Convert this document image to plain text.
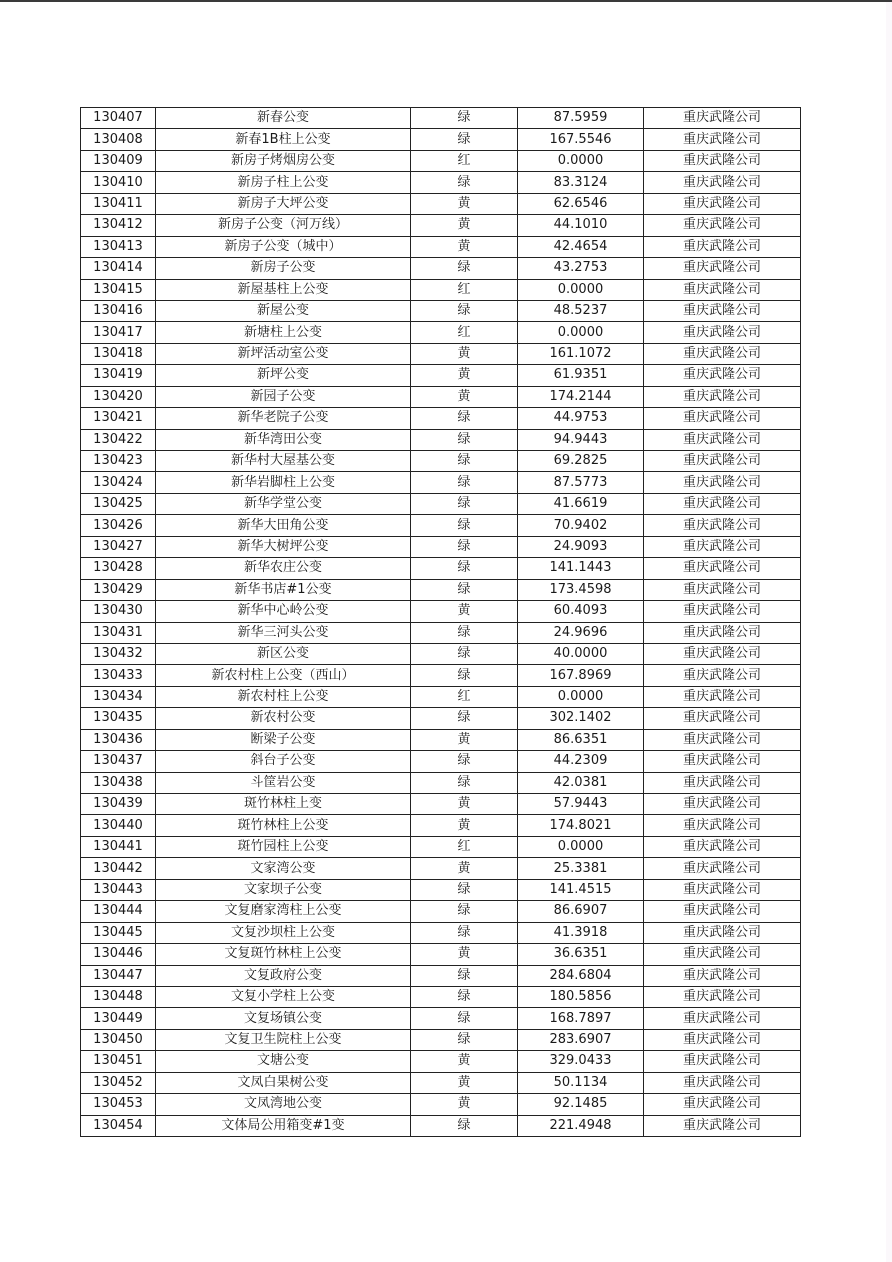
130407	新春公变	绿	87.5959	重庆武隆公司
130408	新春1B柱上公变	绿	167.5546	重庆武隆公司
130409	新房子烤烟房公变	红	0.0000	重庆武隆公司
130410	新房子柱上公变	绿	83.3124	重庆武隆公司
130411	新房子大坪公变	黄	62.6546	重庆武隆公司
130412	新房子公变（河万线）	黄	44.1010	重庆武隆公司
130413	新房子公变（城中）	黄	42.4654	重庆武隆公司
130414	新房子公变	绿	43.2753	重庆武隆公司
130415	新屋基柱上公变	红	0.0000	重庆武隆公司
130416	新屋公变	绿	48.5237	重庆武隆公司
130417	新塘柱上公变	红	0.0000	重庆武隆公司
130418	新坪活动室公变	黄	161.1072	重庆武隆公司
130419	新坪公变	黄	61.9351	重庆武隆公司
130420	新园子公变	黄	174.2144	重庆武隆公司
130421	新华老院子公变	绿	44.9753	重庆武隆公司
130422	新华湾田公变	绿	94.9443	重庆武隆公司
130423	新华村大屋基公变	绿	69.2825	重庆武隆公司
130424	新华岩脚柱上公变	绿	87.5773	重庆武隆公司
130425	新华学堂公变	绿	41.6619	重庆武隆公司
130426	新华大田角公变	绿	70.9402	重庆武隆公司
130427	新华大树坪公变	绿	24.9093	重庆武隆公司
130428	新华农庄公变	绿	141.1443	重庆武隆公司
130429	新华书店#1公变	绿	173.4598	重庆武隆公司
130430	新华中心岭公变	黄	60.4093	重庆武隆公司
130431	新华三河头公变	绿	24.9696	重庆武隆公司
130432	新区公变	绿	40.0000	重庆武隆公司
130433	新农村柱上公变（西山）	绿	167.8969	重庆武隆公司
130434	新农村柱上公变	红	0.0000	重庆武隆公司
130435	新农村公变	绿	302.1402	重庆武隆公司
130436	断梁子公变	黄	86.6351	重庆武隆公司
130437	斜台子公变	绿	44.2309	重庆武隆公司
130438	斗筐岩公变	绿	42.0381	重庆武隆公司
130439	斑竹林柱上变	黄	57.9443	重庆武隆公司
130440	斑竹林柱上公变	黄	174.8021	重庆武隆公司
130441	斑竹园柱上公变	红	0.0000	重庆武隆公司
130442	文家湾公变	黄	25.3381	重庆武隆公司
130443	文家坝子公变	绿	141.4515	重庆武隆公司
130444	文复磨家湾柱上公变	绿	86.6907	重庆武隆公司
130445	文复沙坝柱上公变	绿	41.3918	重庆武隆公司
130446	文复斑竹林柱上公变	黄	36.6351	重庆武隆公司
130447	文复政府公变	绿	284.6804	重庆武隆公司
130448	文复小学柱上公变	绿	180.5856	重庆武隆公司
130449	文复场镇公变	绿	168.7897	重庆武隆公司
130450	文复卫生院柱上公变	绿	283.6907	重庆武隆公司
130451	文塘公变	黄	329.0433	重庆武隆公司
130452	文凤白果树公变	黄	50.1134	重庆武隆公司
130453	文凤湾地公变	黄	92.1485	重庆武隆公司
130454	文体局公用箱变#1变	绿	221.4948	重庆武隆公司
